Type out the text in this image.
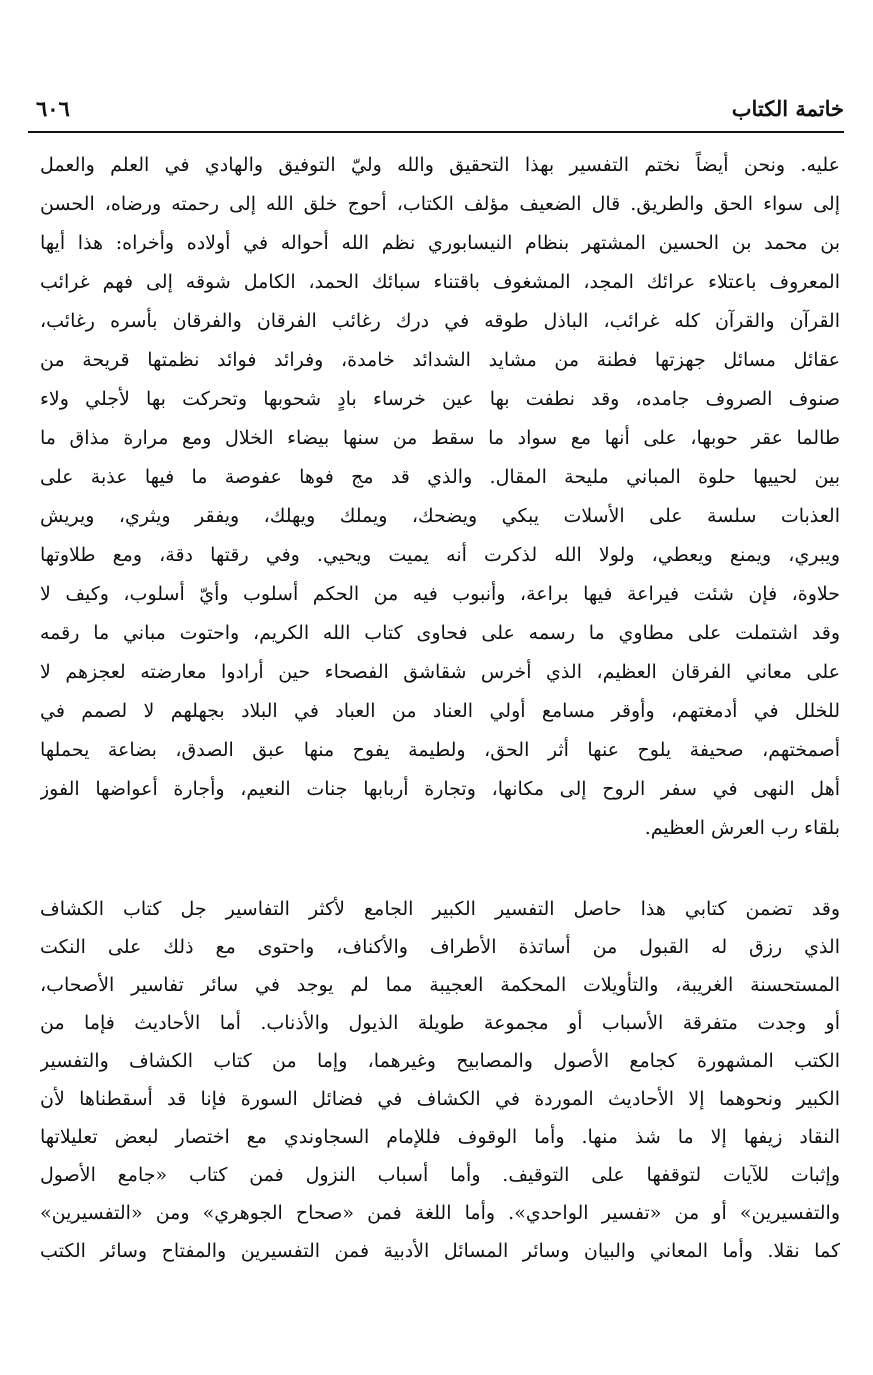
خاتمة الكتاب
٦٠٦
عليه. ونحن أيضاً نختم التفسير بهذا التحقيق والله وليّ التوفيق والهادي في العلم والعمل
إلى سواء الحق والطريق. قال الضعيف مؤلف الكتاب، أحوج خلق الله إلى رحمته ورضاه، الحسن
بن محمد بن الحسين المشتهر بنظام النيسابوري نظم الله أحواله في أولاده وأخراه: هذا أيها
المعروف باعتلاء عرائك المجد، المشغوف باقتناء سبائك الحمد، الكامل شوقه إلى فهم غرائب
القرآن والقرآن كله غرائب، الباذل طوقه في درك رغائب الفرقان والفرقان بأسره رغائب،
عقائل مسائل جهزتها فطنة من مشايد الشدائد خامدة، وفرائد فوائد نظمتها قريحة من
صنوف الصروف جامده، وقد نطفت بها عين خرساء بادٍ شحوبها وتحركت بها لأجلي ولاء
طالما عقر حوبها، على أنها مع سواد ما سقط من سنها بيضاء الخلال ومع مرارة مذاق ما
بين لحييها حلوة المباني مليحة المقال. والذي قد مج فوها عفوصة ما فيها عذبة على
العذبات سلسة على الأسلات يبكي ويضحك، ويملك ويهلك، ويفقر ويثري، ويريش
ويبري، ويمنع ويعطي، ولولا الله لذكرت أنه يميت ويحيي. وفي رقتها دقة، ومع طلاوتها
حلاوة، فإن شئت فيراعة فيها براعة، وأنبوب فيه من الحكم أسلوب وأيّ أسلوب، وكيف لا
وقد اشتملت على مطاوي ما رسمه على فحاوى كتاب الله الكريم، واحتوت مباني ما رقمه
على معاني الفرقان العظيم، الذي أخرس شقاشق الفصحاء حين أرادوا معارضته لعجزهم لا
للخلل في أدمغتهم، وأوقر مسامع أولي العناد من العباد في البلاد بجهلهم لا لصمم في
أصمختهم، صحيفة يلوح عنها أثر الحق، ولطيمة يفوح منها عبق الصدق، بضاعة يحملها
أهل النهى في سفر الروح إلى مكانها، وتجارة أربابها جنات النعيم، وأجارة أعواضها الفوز
بلقاء رب العرش العظيم.
وقد تضمن كتابي هذا حاصل التفسير الكبير الجامع لأكثر التفاسير جل كتاب الكشاف
الذي رزق له القبول من أساتذة الأطراف والأكناف، واحتوى مع ذلك على النكت
المستحسنة الغريبة، والتأويلات المحكمة العجيبة مما لم يوجد في سائر تفاسير الأصحاب،
أو وجدت متفرقة الأسباب أو مجموعة طويلة الذيول والأذناب. أما الأحاديث فإما من
الكتب المشهورة كجامع الأصول والمصابيح وغيرهما، وإما من كتاب الكشاف والتفسير
الكبير ونحوهما إلا الأحاديث الموردة في الكشاف في فضائل السورة فإنا قد أسقطناها لأن
النقاد زيفها إلا ما شذ منها. وأما الوقوف فللإمام السجاوندي مع اختصار لبعض تعليلاتها
وإثبات للآيات لتوقفها على التوقيف. وأما أسباب النزول فمن كتاب «جامع الأصول
والتفسيرين» أو من «تفسير الواحدي». وأما اللغة فمن «صحاح الجوهري» ومن «التفسيرين»
كما نقلا. وأما المعاني والبيان وسائر المسائل الأدبية فمن التفسيرين والمفتاح وسائر الكتب
